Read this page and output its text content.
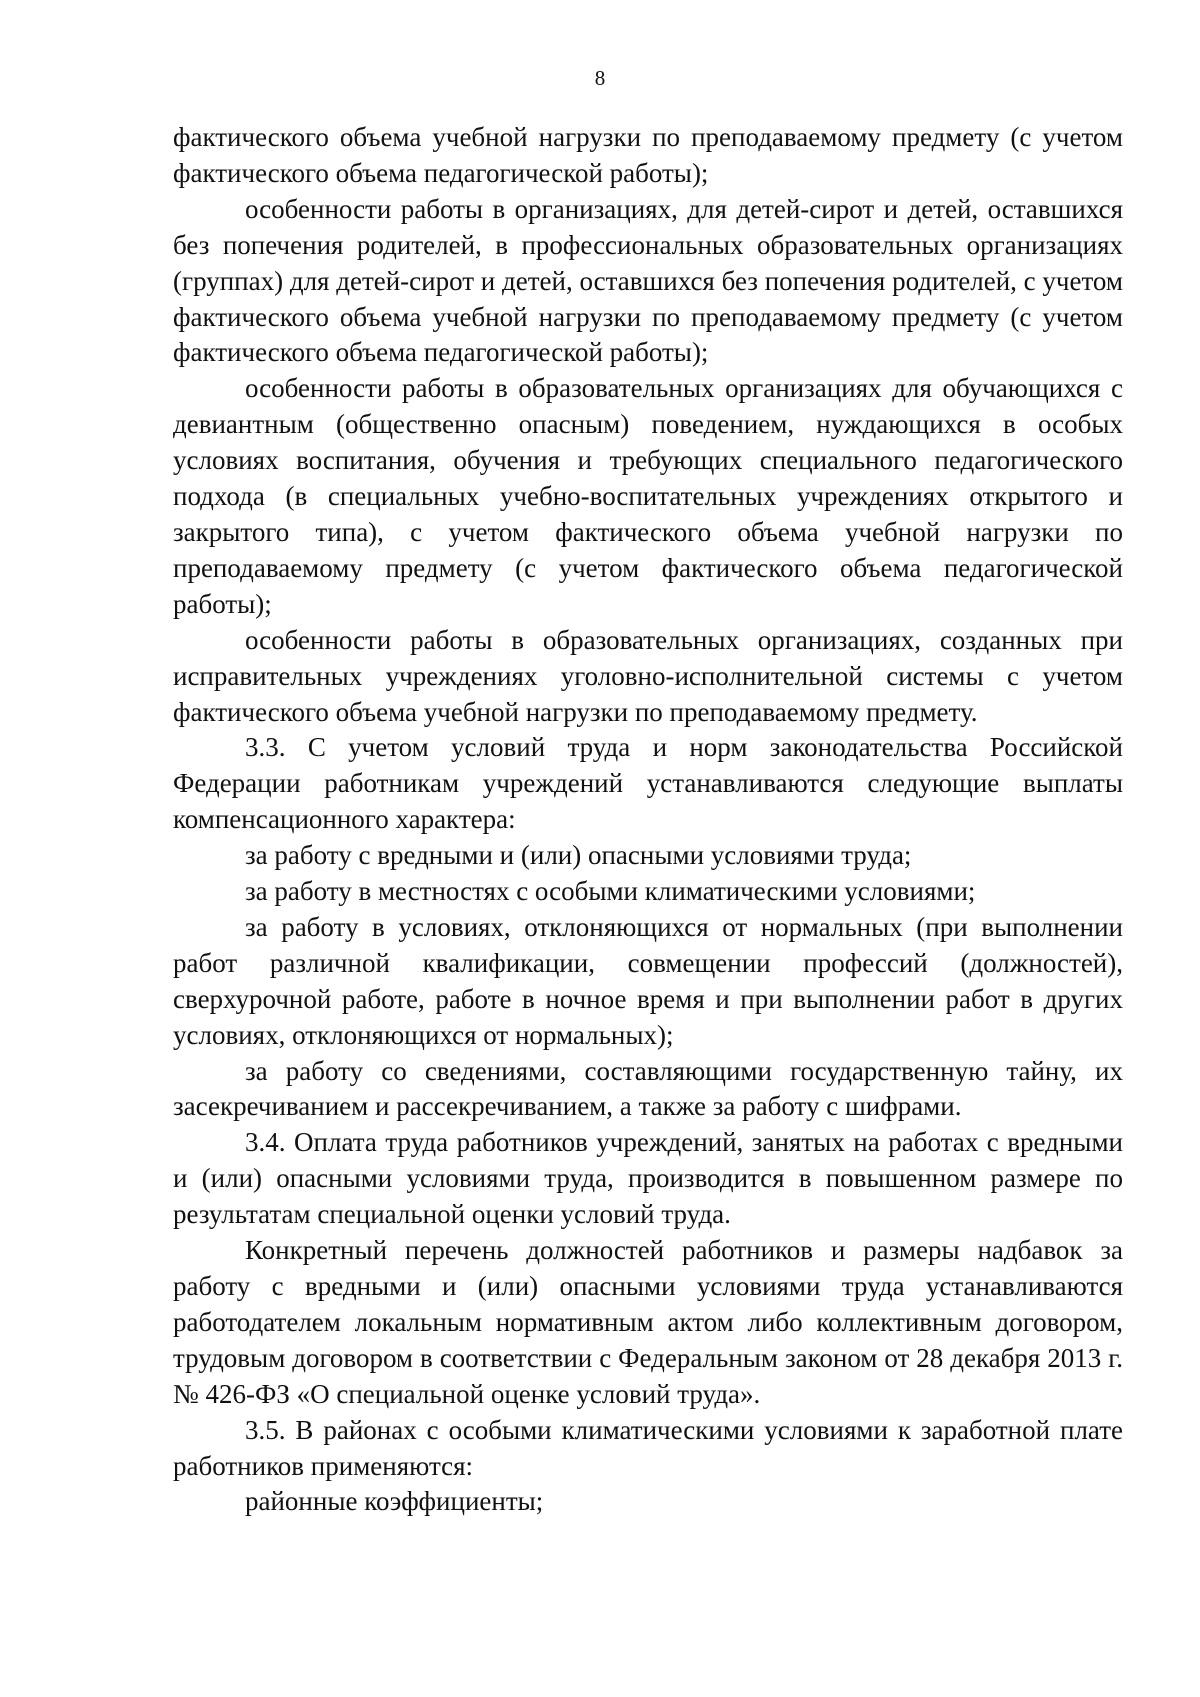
8

фактического объема учебной нагрузки по преподаваемому предмету (с учетом фактического объема педагогической работы);

особенности работы в организациях, для детей-сирот и детей, оставшихся без попечения родителей, в профессиональных образовательных организациях (группах) для детей-сирот и детей, оставшихся без попечения родителей, с учетом фактического объема учебной нагрузки по преподаваемому предмету (с учетом фактического объема педагогической работы);

особенности работы в образовательных организациях для обучающихся с девиантным (общественно опасным) поведением, нуждающихся в особых условиях воспитания, обучения и требующих специального педагогического подхода (в специальных учебно-воспитательных учреждениях открытого и закрытого типа), с учетом фактического объема учебной нагрузки по преподаваемому предмету (с учетом фактического объема педагогической работы);

особенности работы в образовательных организациях, созданных при исправительных учреждениях уголовно-исполнительной системы с учетом фактического объема учебной нагрузки по преподаваемому предмету.

3.3. С учетом условий труда и норм законодательства Российской Федерации работникам учреждений устанавливаются следующие выплаты компенсационного характера:

за работу с вредными и (или) опасными условиями труда;

за работу в местностях с особыми климатическими условиями;

за работу в условиях, отклоняющихся от нормальных (при выполнении работ различной квалификации, совмещении профессий (должностей), сверхурочной работе, работе в ночное время и при выполнении работ в других условиях, отклоняющихся от нормальных);

за работу со сведениями, составляющими государственную тайну, их засекречиванием и рассекречиванием, а также за работу с шифрами.

3.4. Оплата труда работников учреждений, занятых на работах с вредными и (или) опасными условиями труда, производится в повышенном размере по результатам специальной оценки условий труда.

Конкретный перечень должностей работников и размеры надбавок за работу с вредными и (или) опасными условиями труда устанавливаются работодателем локальным нормативным актом либо коллективным договором, трудовым договором в соответствии с Федеральным законом от 28 декабря 2013 г. № 426-ФЗ «О специальной оценке условий труда».

3.5. В районах с особыми климатическими условиями к заработной плате работников применяются:

районные коэффициенты;
